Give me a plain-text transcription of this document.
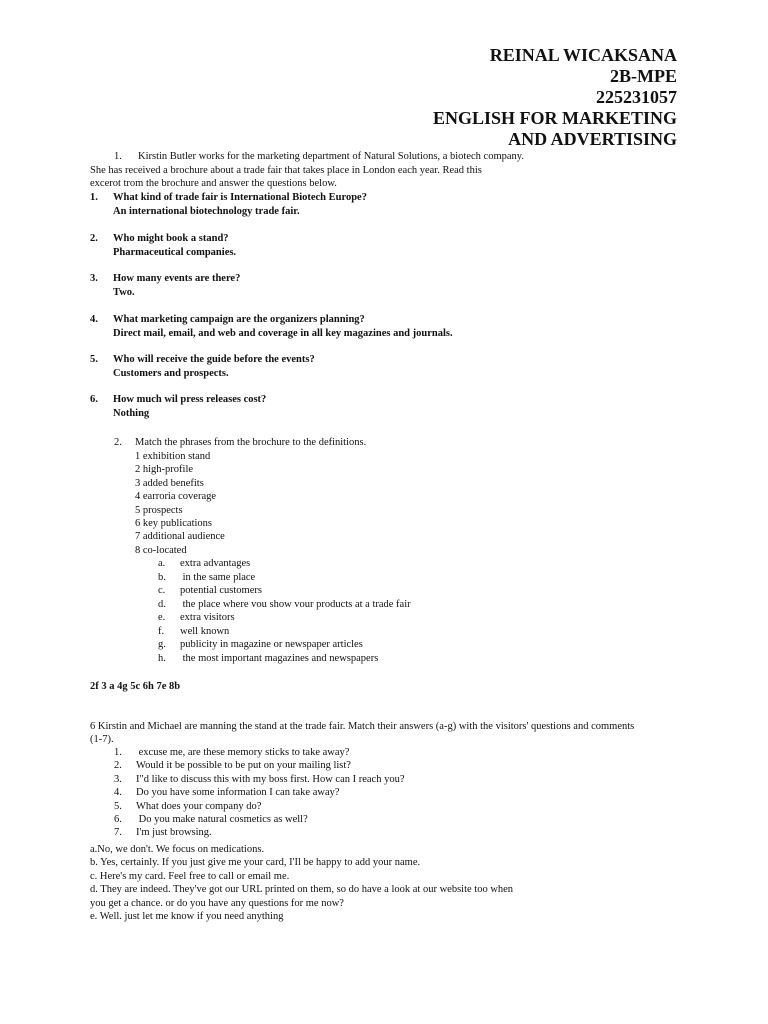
REINAL WICAKSANA
2B-MPE
225231057
ENGLISH FOR MARKETING
AND ADVERTISING
1. Kirstin Butler works for the marketing department of Natural Solutions, a biotech company.
She has received a brochure about a trade fair that takes place in London each year. Read this
excerot trom the brochure and answer the questions below.
1.	What kind of trade fair is International Biotech Europe?
An international biotechnology trade fair.
2.	Who might book a stand?
Pharmaceutical companies.
3.	How many events are there?
Two.
4.	What marketing campaign are the organizers planning?
Direct mail, email, and web and coverage in all key magazines and journals.
5.	Who will receive the guide before the events?
Customers and prospects.
6.	How much wil press releases cost?
Nothing
2. Match the phrases from the brochure to the definitions.
1 exhibition stand
2 high-profile
3 added benefits
4 earroria coverage
5 prospects
6 key publications
7 additional audience
8 co-located
a.	extra advantages
b.	in the same place
c.	potential customers
d.	the place where vou show vour products at a trade fair
e.	extra visitors
f.	well known
g.	publicity in magazine or newspaper articles
h.	the most important magazines and newspapers
2f 3 a 4g 5c 6h 7e 8b
6 Kirstin and Michael are manning the stand at the trade fair. Match their answers (a-g) with the visitors' questions and comments
(1-7).
1.	excuse me, are these memory sticks to take away?
2.	Would it be possible to be put on your mailing list?
3.	I"d like to discuss this with my boss first. How can I reach you?
4.	Do you have some information I can take away?
5.	What does your company do?
6.	Do you make natural cosmetics as well?
7.	I'm just browsing.
a.No, we don't. We focus on medications.
b. Yes, certainly. If you just give me your card, I'Il be happy to add your name.
c. Here's my card. Feel free to call or email me.
d. They are indeed. They've got our URL printed on them, so do have a look at our website too when
you get a chance. or do you have any questions for me now?
e. Well. just let me know if you need anything
